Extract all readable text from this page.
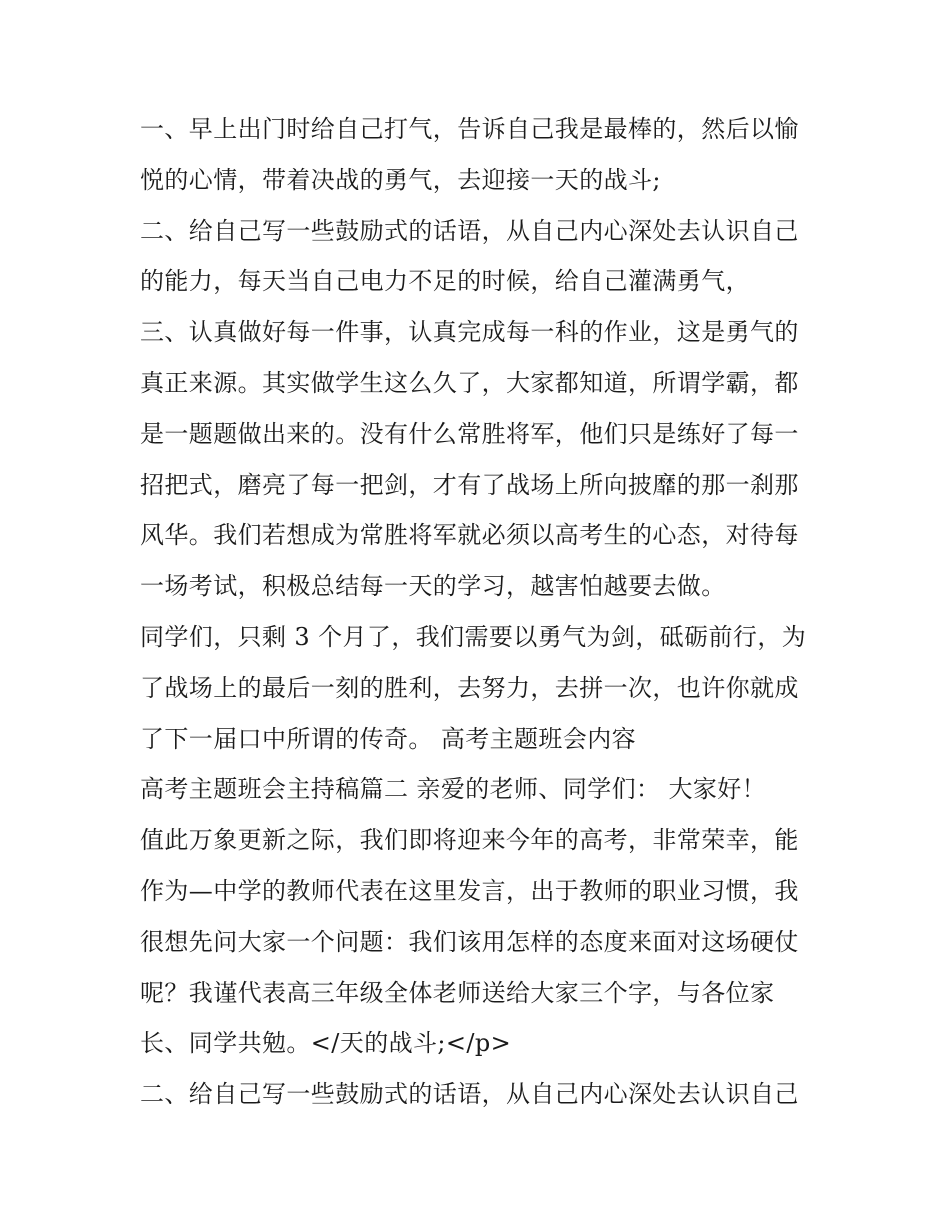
一、早上出门时给自己打气，告诉自己我是最棒的，然后以愉
悦的心情，带着决战的勇气，去迎接一天的战斗;
二、给自己写一些鼓励式的话语，从自己内心深处去认识自己
的能力，每天当自己电力不足的时候，给自己灌满勇气，
三、认真做好每一件事，认真完成每一科的作业，这是勇气的
真正来源。其实做学生这么久了，大家都知道，所谓学霸，都
是一题题做出来的。没有什么常胜将军，他们只是练好了每一
招把式，磨亮了每一把剑，才有了战场上所向披靡的那一刹那
风华。我们若想成为常胜将军就必须以高考生的心态，对待每
一场考试，积极总结每一天的学习，越害怕越要去做。
同学们，只剩 3 个月了，我们需要以勇气为剑，砥砺前行，为
了战场上的最后一刻的胜利，去努力，去拼一次，也许你就成
了下一届口中所谓的传奇。 高考主题班会内容
高考主题班会主持稿篇二 亲爱的老师、同学们： 大家好！
值此万象更新之际，我们即将迎来今年的高考，非常荣幸，能
作为—中学的教师代表在这里发言，出于教师的职业习惯，我
很想先问大家一个问题：我们该用怎样的态度来面对这场硬仗
呢？我谨代表高三年级全体老师送给大家三个字，与各位家
长、同学共勉。</天的战斗;</p>
二、给自己写一些鼓励式的话语，从自己内心深处去认识自己
